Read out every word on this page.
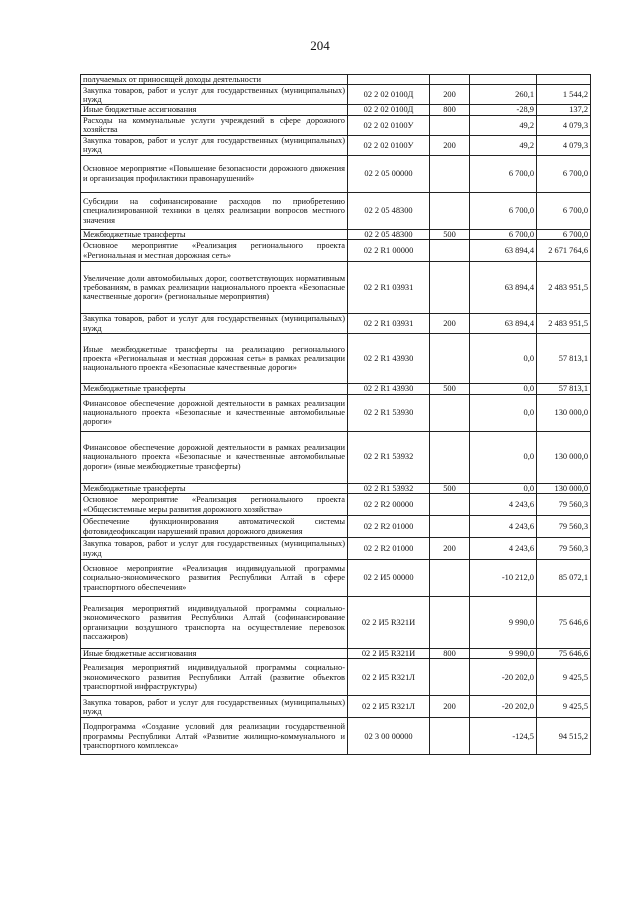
204
получаемых от приносящей доходы деятельности				
Закупка товаров, работ и услуг для государственных (муниципальных) нужд	02 2 02 0100Д	200	260,1	1 544,2
Иные бюджетные ассигнования	02 2 02 0100Д	800	-28,9	137,2
Расходы на коммунальные услуги учреждений в сфере дорожного хозяйства	02 2 02 0100У		49,2	4 079,3
Закупка товаров, работ и услуг для государственных (муниципальных) нужд	02 2 02 0100У	200	49,2	4 079,3
Основное мероприятие «Повышение безопасности дорожного движения и организация профилактики правонарушений»	02 2 05 00000		6 700,0	6 700,0
Субсидии на софинансирование расходов по приобретению специализированной техники в целях реализации вопросов местного значения	02 2 05 48300		6 700,0	6 700,0
Межбюджетные трансферты	02 2 05 48300	500	6 700,0	6 700,0
Основное мероприятие «Реализация регионального проекта «Региональная и местная дорожная сеть»	02 2 R1 00000		63 894,4	2 671 764,6
Увеличение доли автомобильных дорог, соответствующих нормативным требованиям, в рамках реализации национального проекта «Безопасные качественные дороги» (региональные мероприятия)	02 2 R1 03931		63 894,4	2 483 951,5
Закупка товаров, работ и услуг для государственных (муниципальных) нужд	02 2 R1 03931	200	63 894,4	2 483 951,5
Иные межбюджетные трансферты на реализацию регионального проекта «Региональная и местная дорожная сеть» в рамках реализации национального проекта «Безопасные качественные дороги»	02 2 R1 43930		0,0	57 813,1
Межбюджетные трансферты	02 2 R1 43930	500	0,0	57 813,1
Финансовое обеспечение дорожной деятельности в рамках реализации национального проекта «Безопасные и качественные автомобильные дороги»	02 2 R1 53930		0,0	130 000,0
Финансовое обеспечение дорожной деятельности в рамках реализации национального проекта «Безопасные и качественные автомобильные дороги» (иные межбюджетные трансферты)	02 2 R1 53932		0,0	130 000,0
Межбюджетные трансферты	02 2 R1 53932	500	0,0	130 000,0
Основное мероприятие «Реализация регионального проекта «Общесистемные меры развития дорожного хозяйства»	02 2 R2 00000		4 243,6	79 560,3
Обеспечение функционирования автоматической системы фотовидеофиксации нарушений правил дорожного движения	02 2 R2 01000		4 243,6	79 560,3
Закупка товаров, работ и услуг для государственных (муниципальных) нужд	02 2 R2 01000	200	4 243,6	79 560,3
Основное мероприятие «Реализация индивидуальной программы социально-экономического развития Республики Алтай в сфере транспортного обеспечения»	02 2 И5 00000		-10 212,0	85 072,1
Реализация мероприятий индивидуальной программы социально-экономического развития Республики Алтай (софинансирование организации воздушного транспорта на осуществление перевозок пассажиров)	02 2 И5 R321И		9 990,0	75 646,6
Иные бюджетные ассигнования	02 2 И5 R321И	800	9 990,0	75 646,6
Реализация мероприятий индивидуальной программы социально-экономического развития Республики Алтай (развитие объектов транспортной инфраструктуры)	02 2 И5 R321Л		-20 202,0	9 425,5
Закупка товаров, работ и услуг для государственных (муниципальных) нужд	02 2 И5 R321Л	200	-20 202,0	9 425,5
Подпрограмма «Создание условий для реализации государственной программы Республики Алтай «Развитие жилищно-коммунального и транспортного комплекса»	02 3 00 00000		-124,5	94 515,2
